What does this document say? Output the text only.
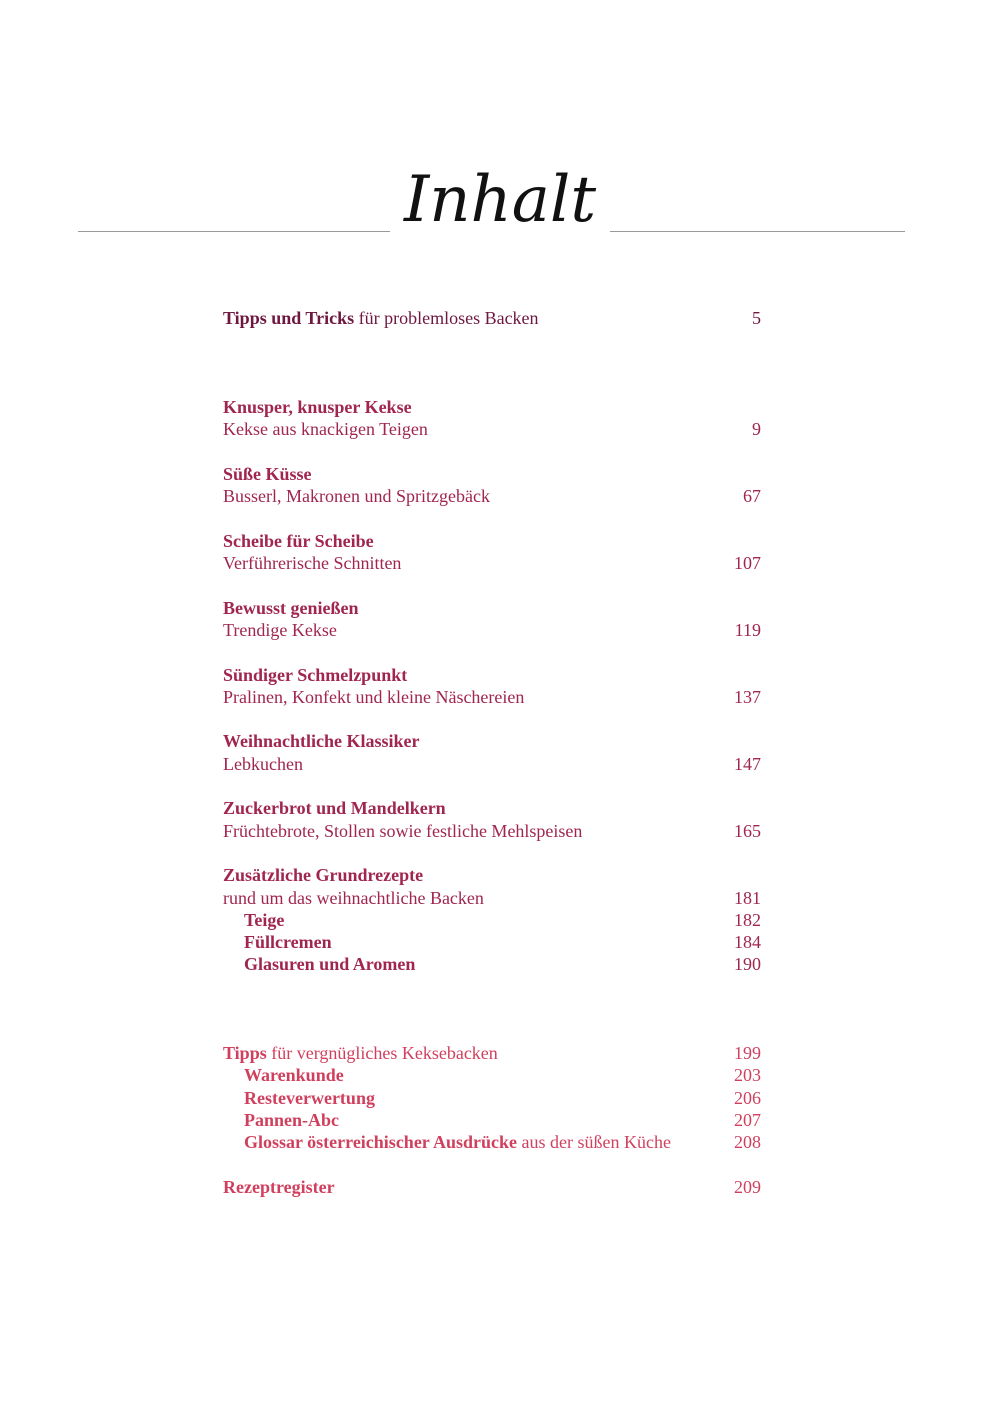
Inhalt
Tipps und Tricks für problemloses Backen	5
Knusper, knusper Kekse
Kekse aus knackigen Teigen	9
Süße Küsse
Busserl, Makronen und Spritzgebäck	67
Scheibe für Scheibe
Verführerische Schnitten	107
Bewusst genießen
Trendige Kekse	119
Sündiger Schmelzpunkt
Pralinen, Konfekt und kleine Näschereien	137
Weihnachtliche Klassiker
Lebkuchen	147
Zuckerbrot und Mandelkern
Früchtebrote, Stollen sowie festliche Mehlspeisen	165
Zusätzliche Grundrezepte
rund um das weihnachtliche Backen	181
Teige	182
Füllcremen	184
Glasuren und Aromen	190
Tipps für vergnügliches Keksebacken	199
Warenkunde	203
Resteverwertung	206
Pannen-Abc	207
Glossar österreichischer Ausdrücke aus der süßen Küche	208
Rezeptregister	209
